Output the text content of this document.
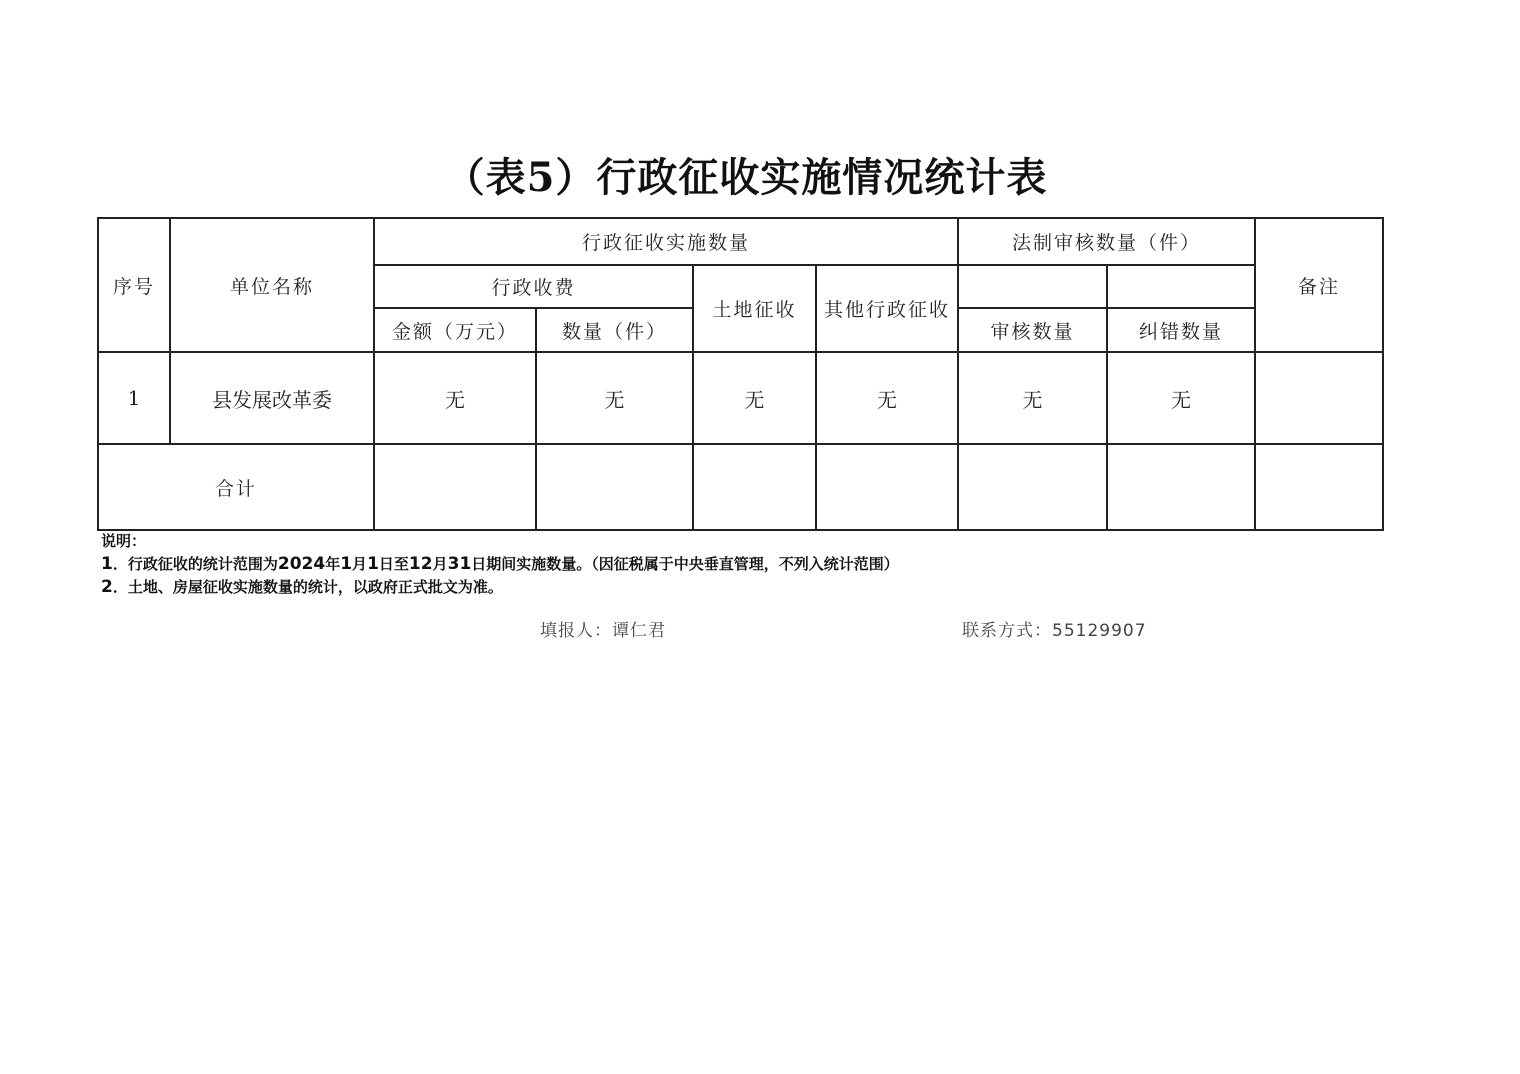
（表5）行政征收实施情况统计表
序号	单位名称	行政征收实施数量				法制审核数量（件）		备注
		行政收费		土地征收	其他行政征收			
		金额（万元）	数量（件）			审核数量	纠错数量	
1	县发展改革委	无	无	无	无	无	无	
合计								
说明：
1．行政征收的统计范围为2024年1月1日至12月31日期间实施数量。（因征税属于中央垂直管理，不列入统计范围）
2．土地、房屋征收实施数量的统计，以政府正式批文为准。
填报人：谭仁君	联系方式：55129907
